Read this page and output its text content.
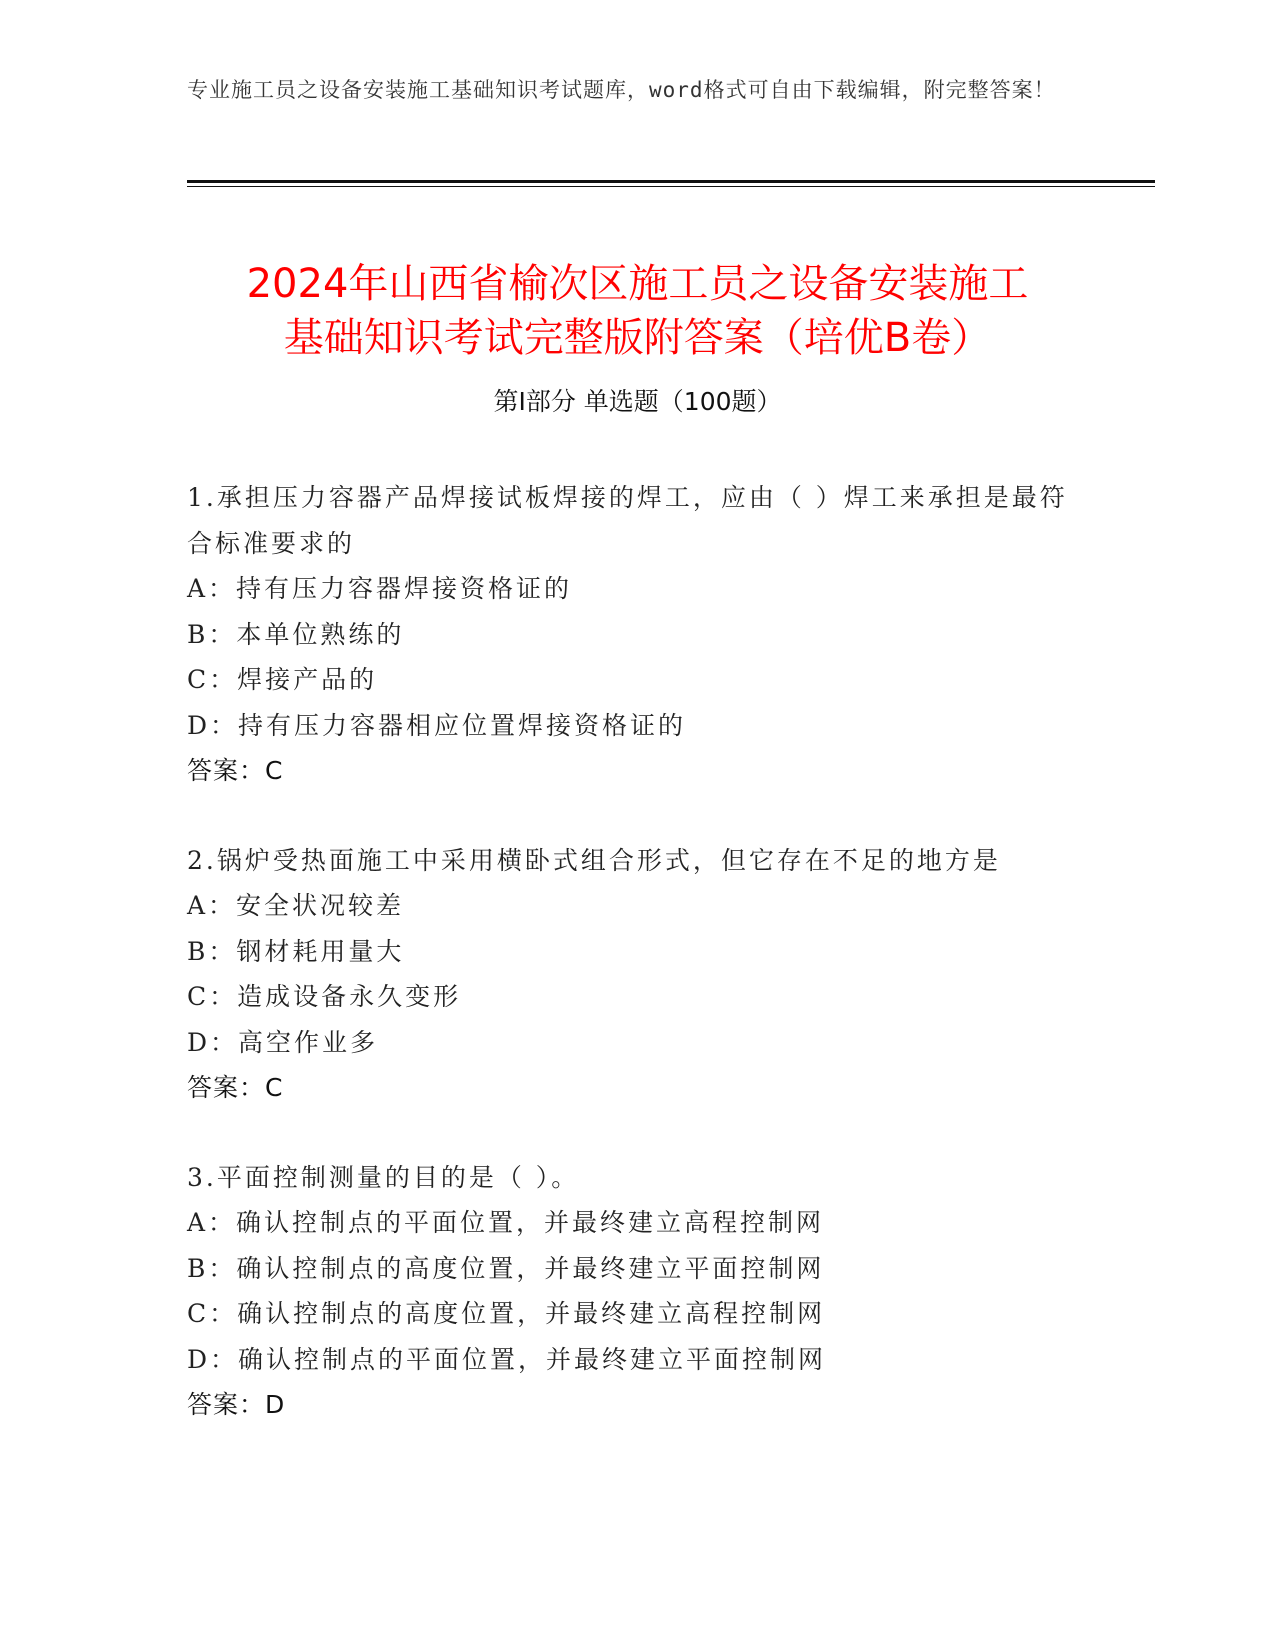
专业施工员之设备安装施工基础知识考试题库，word格式可自由下载编辑，附完整答案！
2024年山西省榆次区施工员之设备安装施工
基础知识考试完整版附答案（培优B卷）
第Ⅰ部分 单选题（100题）

1.承担压力容器产品焊接试板焊接的焊工，应由（ ）焊工来承担是最符合标准要求的

A：持有压力容器焊接资格证的

B：本单位熟练的

C：焊接产品的

D：持有压力容器相应位置焊接资格证的

答案：C

2.锅炉受热面施工中采用横卧式组合形式，但它存在不足的地方是

A：安全状况较差

B：钢材耗用量大

C：造成设备永久变形

D：高空作业多

答案：C

3.平面控制测量的目的是（ ）。

A：确认控制点的平面位置，并最终建立高程控制网

B：确认控制点的高度位置，并最终建立平面控制网

C：确认控制点的高度位置，并最终建立高程控制网

D：确认控制点的平面位置，并最终建立平面控制网

答案：D
